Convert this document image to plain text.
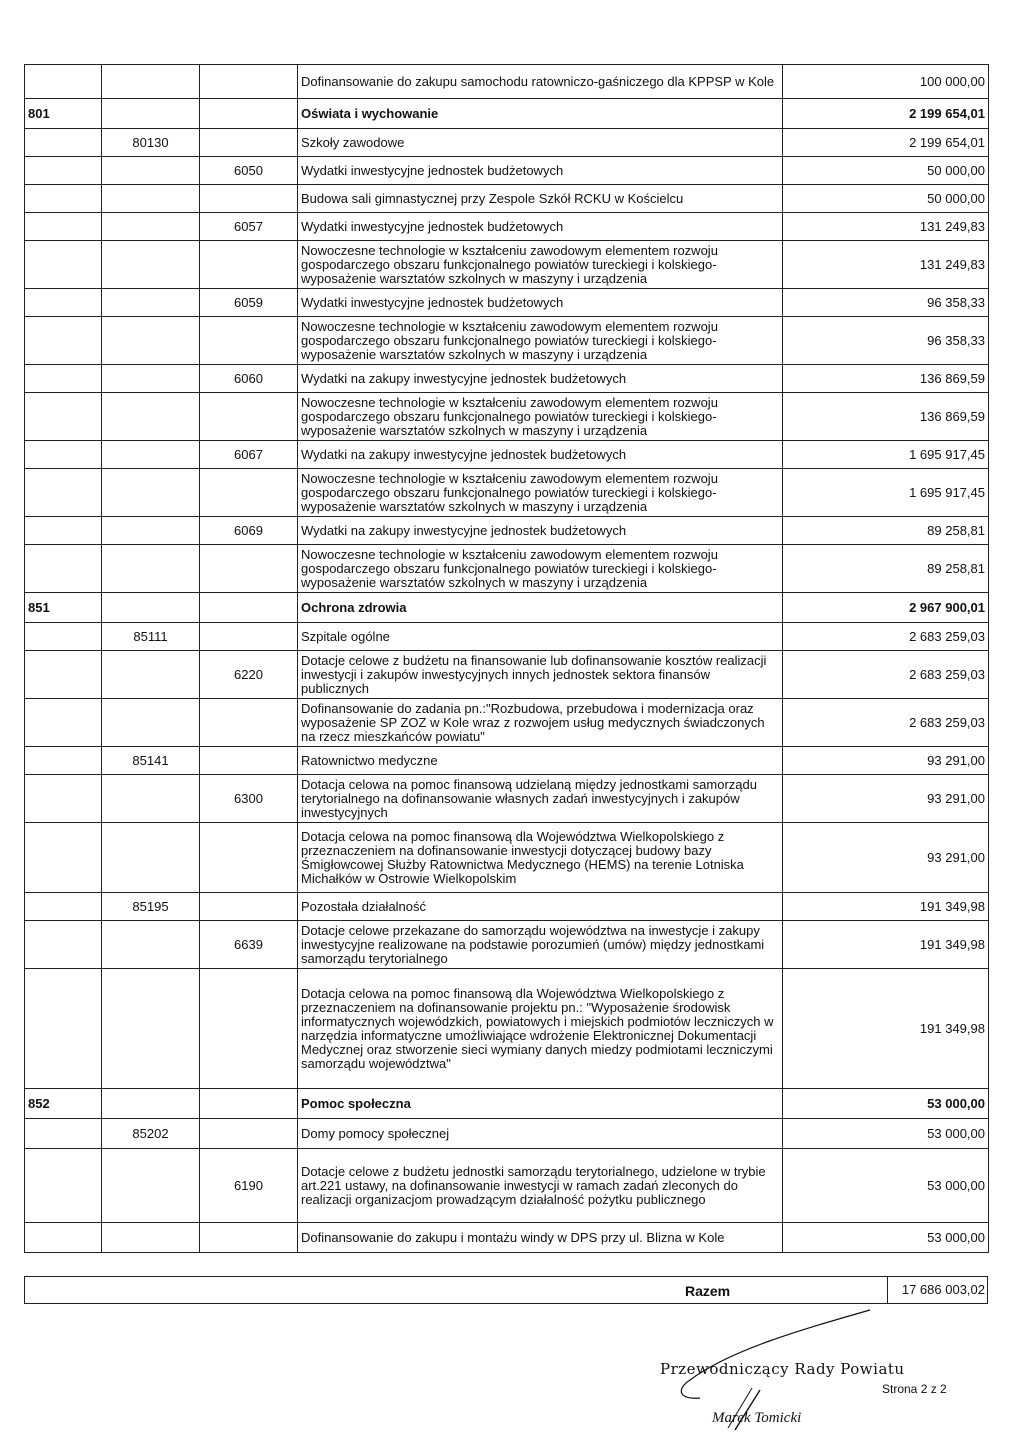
			Dofinansowanie do zakupu samochodu ratowniczo-gaśniczego dla KPPSP w Kole	100 000,00
801			Oświata i wychowanie	2 199 654,01
	80130		Szkoły zawodowe	2 199 654,01
		6050	Wydatki inwestycyjne jednostek budżetowych	50 000,00
			Budowa sali gimnastycznej przy Zespole Szkół RCKU w Kościelcu	50 000,00
		6057	Wydatki inwestycyjne jednostek budżetowych	131 249,83
			Nowoczesne technologie w kształceniu zawodowym elementem rozwoju gospodarczego obszaru funkcjonalnego powiatów tureckiegi i kolskiego-wyposażenie warsztatów szkolnych w maszyny i urządzenia	131 249,83
		6059	Wydatki inwestycyjne jednostek budżetowych	96 358,33
			Nowoczesne technologie w kształceniu zawodowym elementem rozwoju gospodarczego obszaru funkcjonalnego powiatów tureckiegi i kolskiego-wyposażenie warsztatów szkolnych w maszyny i urządzenia	96 358,33
		6060	Wydatki na zakupy inwestycyjne jednostek budżetowych	136 869,59
			Nowoczesne technologie w kształceniu zawodowym elementem rozwoju gospodarczego obszaru funkcjonalnego powiatów tureckiegi i kolskiego-wyposażenie warsztatów szkolnych w maszyny i urządzenia	136 869,59
		6067	Wydatki na zakupy inwestycyjne jednostek budżetowych	1 695 917,45
			Nowoczesne technologie w kształceniu zawodowym elementem rozwoju gospodarczego obszaru funkcjonalnego powiatów tureckiegi i kolskiego-wyposażenie warsztatów szkolnych w maszyny i urządzenia	1 695 917,45
		6069	Wydatki na zakupy inwestycyjne jednostek budżetowych	89 258,81
			Nowoczesne technologie w kształceniu zawodowym elementem rozwoju gospodarczego obszaru funkcjonalnego powiatów tureckiegi i kolskiego-wyposażenie warsztatów szkolnych w maszyny i urządzenia	89 258,81
851			Ochrona zdrowia	2 967 900,01
	85111		Szpitale ogólne	2 683 259,03
		6220	Dotacje celowe z budżetu na finansowanie lub dofinansowanie kosztów realizacji inwestycji i zakupów inwestycyjnych innych jednostek sektora finansów publicznych	2 683 259,03
			Dofinansowanie do zadania pn.:"Rozbudowa, przebudowa i modernizacja oraz wyposażenie SP ZOZ w Kole wraz z rozwojem usług medycznych świadczonych na rzecz mieszkańców powiatu"	2 683 259,03
	85141		Ratownictwo medyczne	93 291,00
		6300	Dotacja celowa na pomoc finansową udzielaną między jednostkami samorządu terytorialnego na dofinansowanie własnych zadań inwestycyjnych i zakupów inwestycyjnych	93 291,00
			Dotacja celowa na pomoc finansową dla Województwa Wielkopolskiego z przeznaczeniem na dofinansowanie inwestycji dotyczącej budowy bazy Śmigłowcowej Służby Ratownictwa Medycznego (HEMS) na terenie Lotniska Michałków w Ostrowie Wielkopolskim	93 291,00
	85195		Pozostała działalność	191 349,98
		6639	Dotacje celowe przekazane do samorządu województwa na inwestycje i zakupy inwestycyjne realizowane na podstawie porozumień (umów) między jednostkami samorządu terytorialnego	191 349,98
			Dotacja celowa na pomoc finansową dla Województwa Wielkopolskiego z przeznaczeniem na dofinansowanie projektu pn.: "Wyposażenie środowisk informatycznych wojewódzkich, powiatowych i miejskich podmiotów leczniczych w narzędzia informatyczne umożliwiające wdrożenie Elektronicznej Dokumentacji Medycznej oraz stworzenie sieci wymiany danych miedzy podmiotami leczniczymi samorządu województwa"	191 349,98
852			Pomoc społeczna	53 000,00
	85202		Domy pomocy społecznej	53 000,00
		6190	Dotacje celowe z budżetu jednostki samorządu terytorialnego, udzielone w trybie art.221 ustawy, na dofinansowanie inwestycji w ramach zadań zleconych do realizacji organizacjom prowadzącym działalność pożytku publicznego	53 000,00
			Dofinansowanie do zakupu i montażu windy w DPS przy ul. Blizna w Kole	53 000,00
Razem	17 686 003,02
Przewodniczący Rady Powiatu
Marek Tomicki
Strona 2 z 2
